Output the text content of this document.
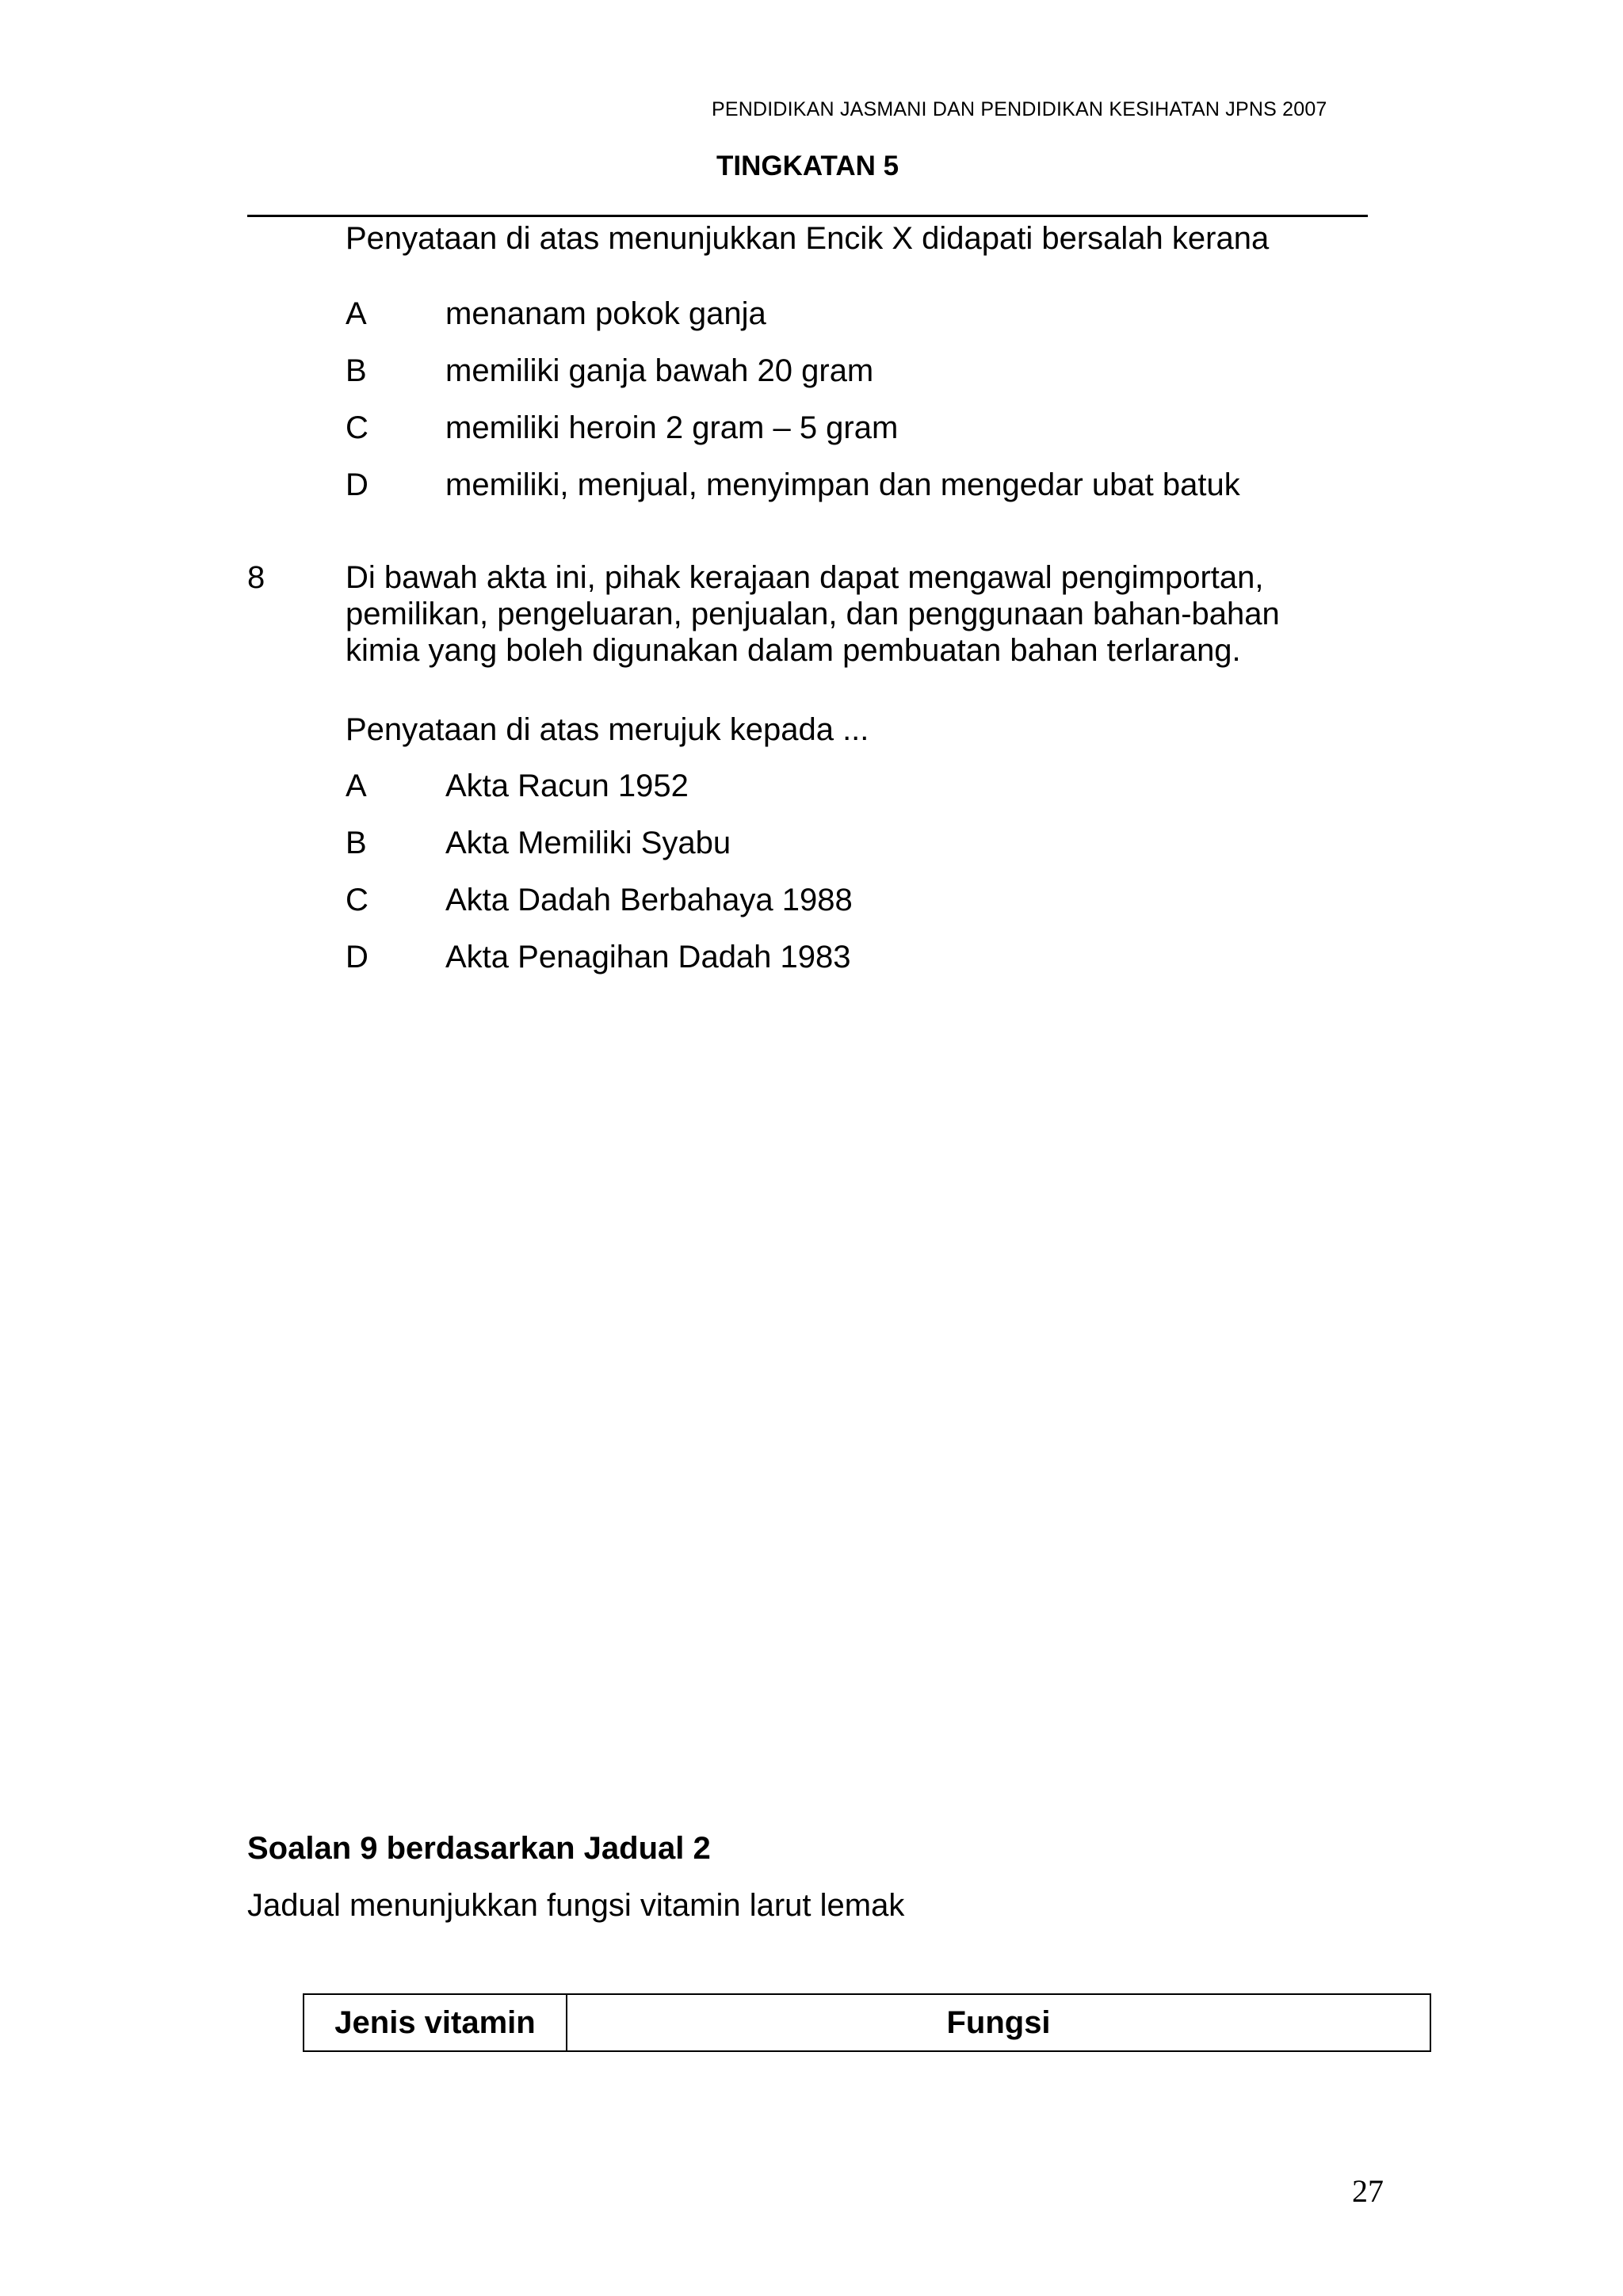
PENDIDIKAN JASMANI DAN PENDIDIKAN KESIHATAN JPNS 2007
TINGKATAN 5
Penyataan di atas menunjukkan Encik X didapati bersalah kerana
A menanam pokok ganja
B memiliki ganja bawah 20 gram
C memiliki heroin 2 gram – 5 gram
D memiliki, menjual, menyimpan dan mengedar ubat batuk
8	Di bawah akta ini, pihak kerajaan dapat mengawal pengimportan,
pemilikan, pengeluaran, penjualan, dan penggunaan bahan-bahan
kimia yang boleh digunakan dalam pembuatan bahan terlarang.
Penyataan di atas merujuk kepada ...
A Akta Racun 1952
B Akta Memiliki Syabu
C Akta Dadah Berbahaya 1988
D Akta Penagihan Dadah 1983
Soalan 9 berdasarkan Jadual 2
Jadual menunjukkan fungsi vitamin larut lemak
Jenis vitamin	Fungsi
27
